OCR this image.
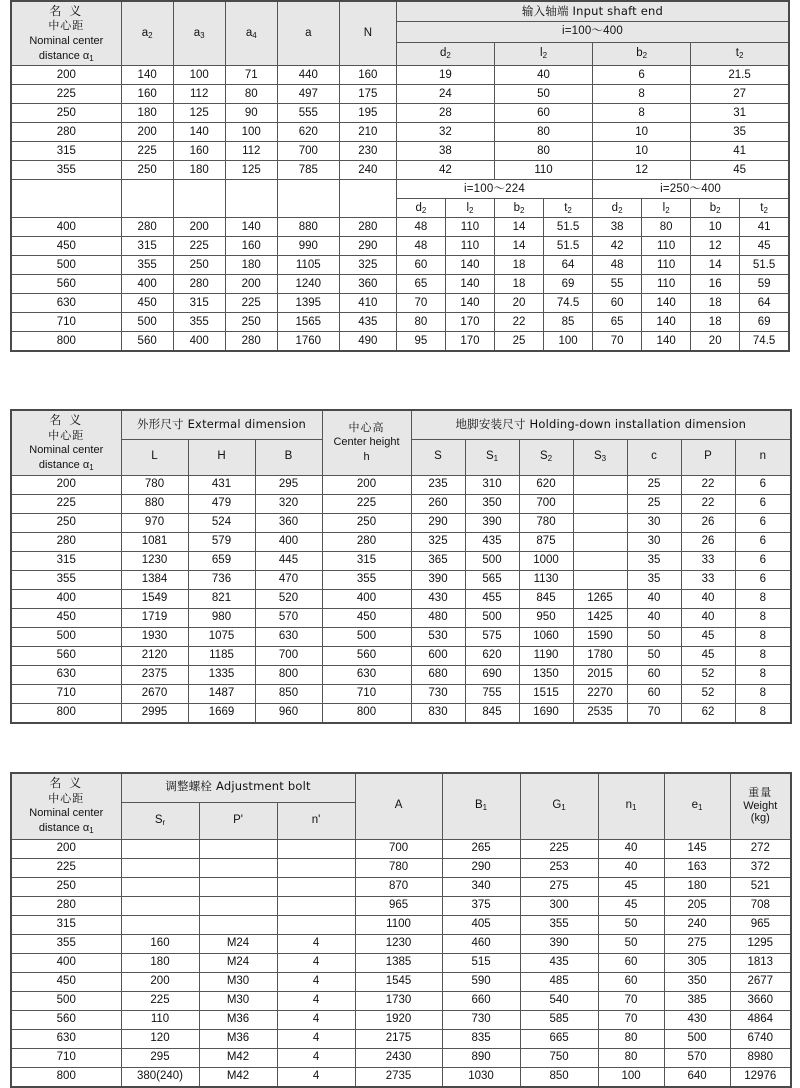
名 义
中心距
Nominal center
distance $\alpha_1$	$a_2$	$a_3$	$a_4$	a	N	输入轴端 Input shaft end							
						i=100～400							
						$d_2$		$l_2$		$b_2$		$t_2$
200	140	100	71	440	160	19		40		6		21.5	
225	160	112	80	497	175	24		50		8		27	
250	180	125	90	555	195	28		60		8		31	
280	200	140	100	620	210	32		80		10		35	
315	225	160	112	700	230	38		80		10		41	
355	250	180	125	785	240	42		110		12		45	
						i=100～224				i=250～400			
						$d_2$	$l_2$	$b_2$	$t_2$	$d_2$	$l_2$	$b_2$	$t_2$
400	280	200	140	880	280	48	110	14	51.5	38	80	10	41
450	315	225	160	990	290	48	110	14	51.5	42	110	12	45
500	355	250	180	1105	325	60	140	18	64	48	110	14	51.5
560	400	280	200	1240	360	65	140	18	69	55	110	16	59
630	450	315	225	1395	410	70	140	20	74.5	60	140	18	64
710	500	355	250	1565	435	80	170	22	85	65	140	18	69
800	560	400	280	1760	490	95	170	25	100	70	140	20	74.5
名 义
中心距
Nominal center
distance $\alpha_1$	外形尺寸 Extermal dimension			中心高
Center height
h	地脚安装尺寸 Holding-down installation dimension						
	L	H	B		S	$S_1$	$S_2$	$S_3$	c	P	n
200	780	431	295	200	235	310	620		25	22	6
225	880	479	320	225	260	350	700		25	22	6
250	970	524	360	250	290	390	780		30	26	6
280	1081	579	400	280	325	435	875		30	26	6
315	1230	659	445	315	365	500	1000		35	33	6
355	1384	736	470	355	390	565	1130		35	33	6
400	1549	821	520	400	430	455	845	1265	40	40	8
450	1719	980	570	450	480	500	950	1425	40	40	8
500	1930	1075	630	500	530	575	1060	1590	50	45	8
560	2120	1185	700	560	600	620	1190	1780	50	45	8
630	2375	1335	800	630	680	690	1350	2015	60	52	8
710	2670	1487	850	710	730	755	1515	2270	60	52	8
800	2995	1669	960	800	830	845	1690	2535	70	62	8
名 义
中心距
Nominal center
distance $\alpha_1$	调整螺栓 Adjustment bolt			A	$B_1$	$G_1$	$n_1$	$e_1$	重量
Weight
(kg)

	$S_r$	P'	n'						
200				700	265	225	40	145	272
225				780	290	253	40	163	372
250				870	340	275	45	180	521
280				965	375	300	45	205	708
315				1100	405	355	50	240	965
355	160	M24	4	1230	460	390	50	275	1295
400	180	M24	4	1385	515	435	60	305	1813
450	200	M30	4	1545	590	485	60	350	2677
500	225	M30	4	1730	660	540	70	385	3660
560	110	M36	4	1920	730	585	70	430	4864
630	120	M36	4	2175	835	665	80	500	6740
710	295	M42	4	2430	890	750	80	570	8980
800	380(240)	M42	4	2735	1030	850	100	640	12976
